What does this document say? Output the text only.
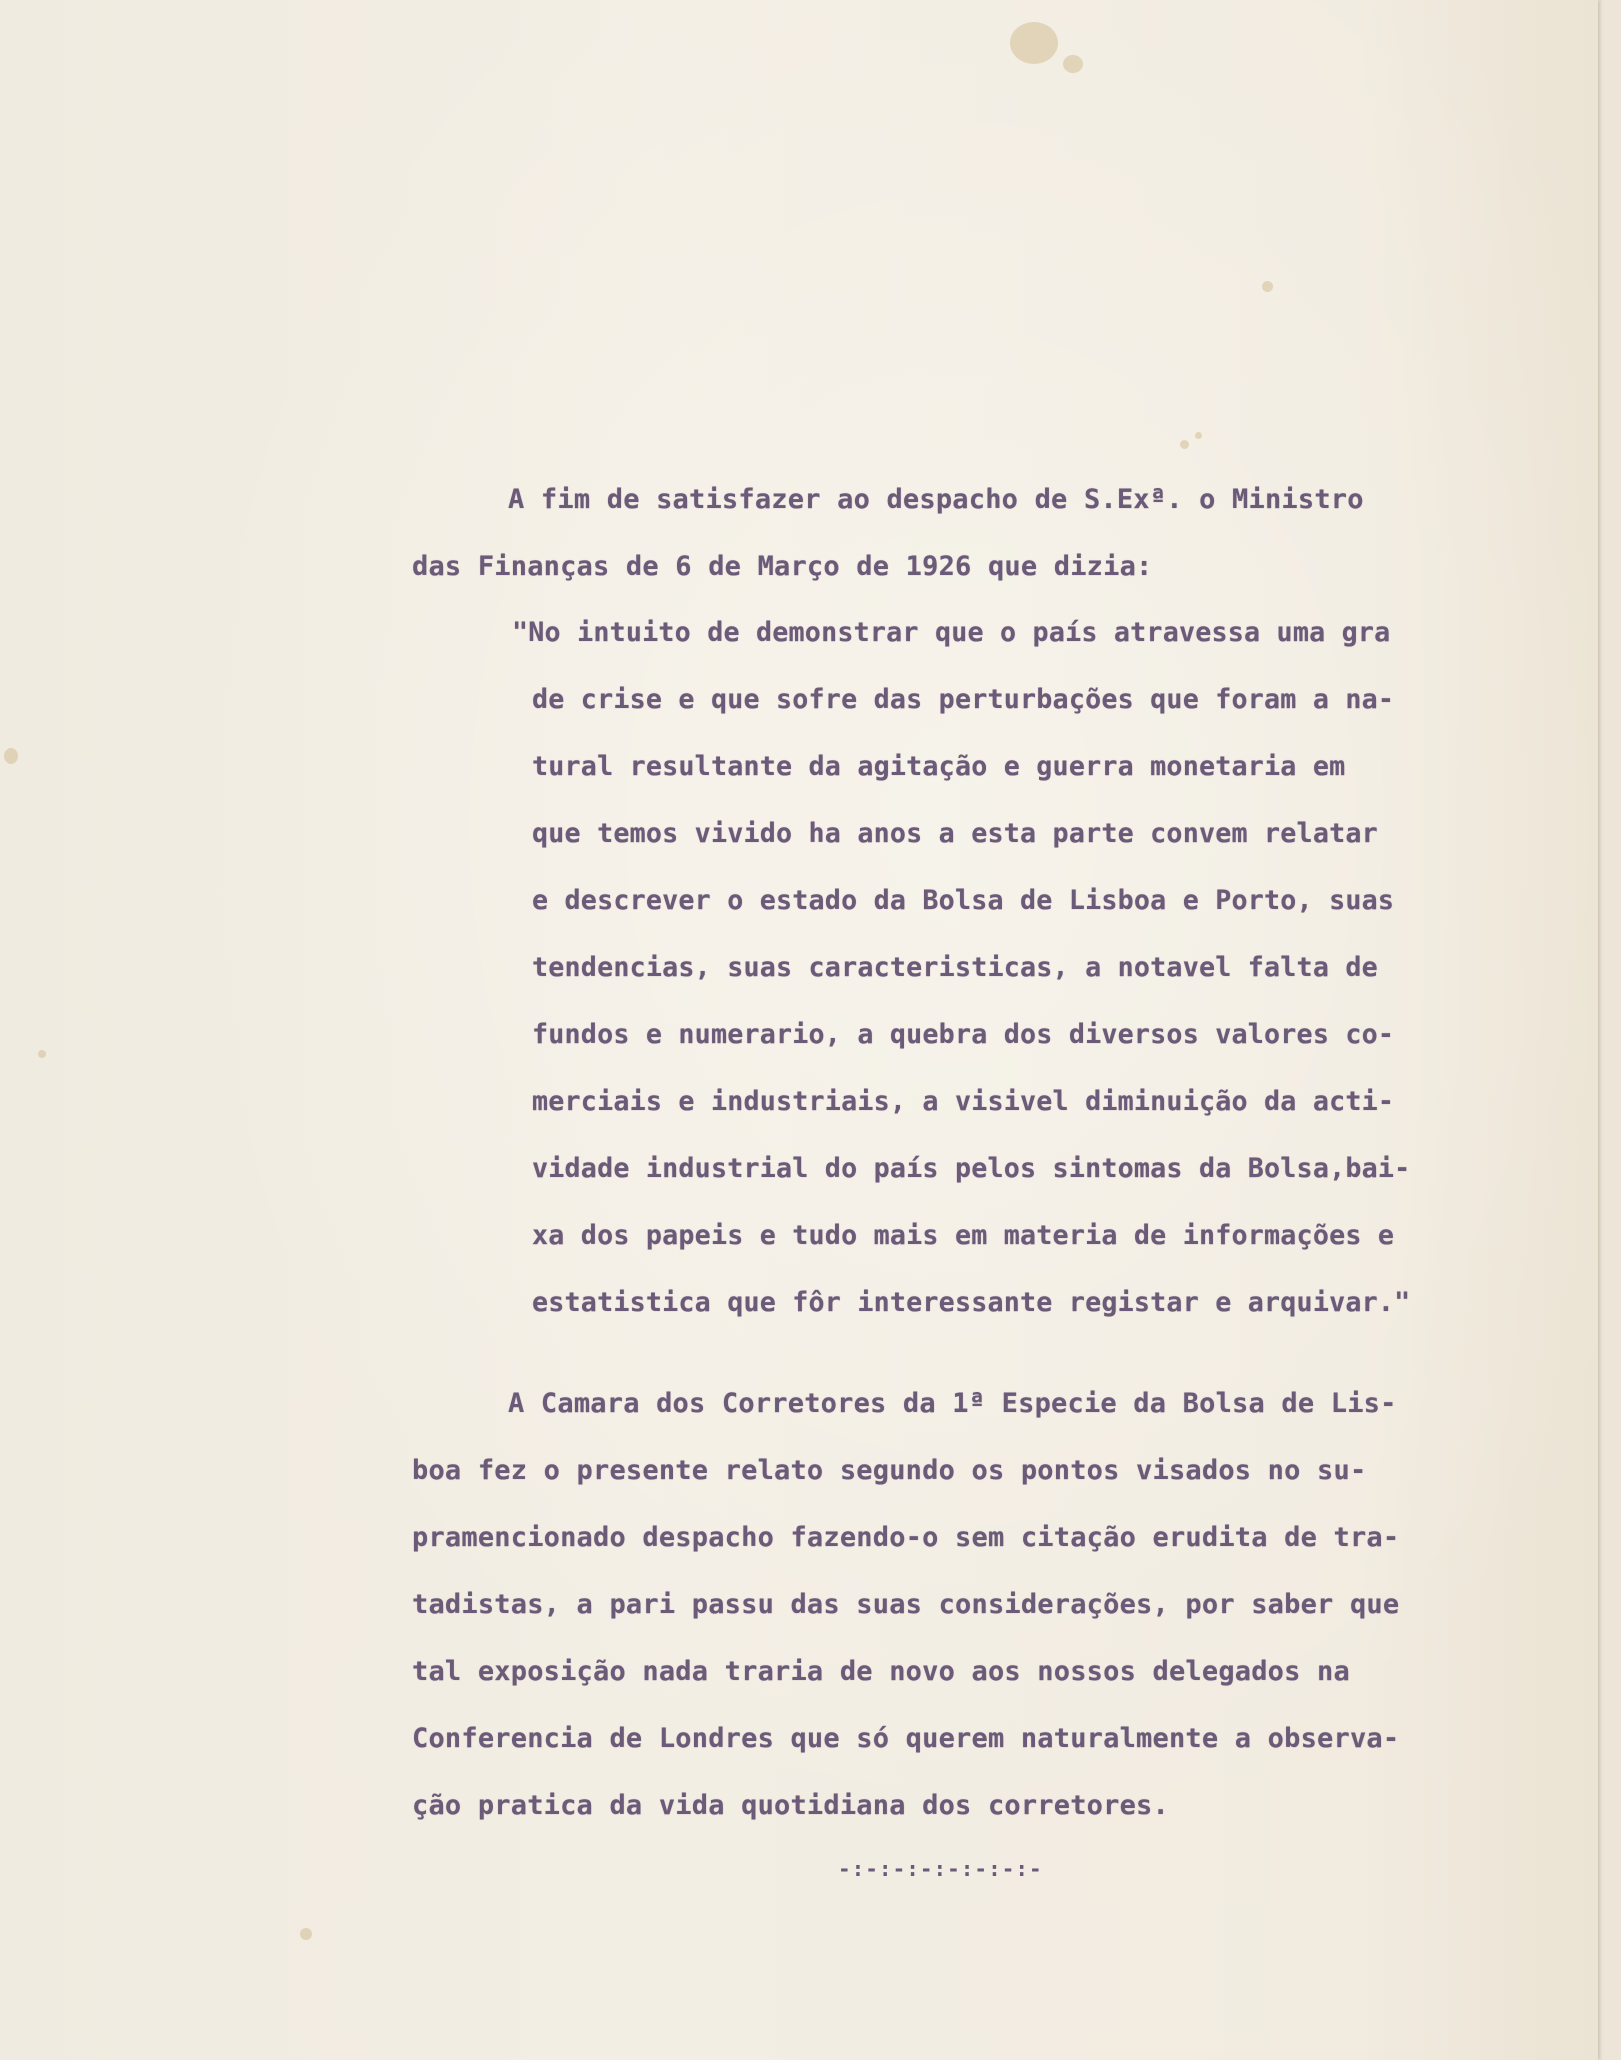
A fim de satisfazer ao despacho de S.Exª. o Ministro
das Finanças de 6 de Março de 1926 que dizia:
"No intuito de demonstrar que o país atravessa uma gra
de crise e que sofre das perturbações que foram a na-
tural resultante da agitação e guerra monetaria em
que temos vivido ha anos a esta parte convem relatar
e descrever o estado da Bolsa de Lisboa e Porto, suas
tendencias, suas caracteristicas, a notavel falta de
fundos e numerario, a quebra dos diversos valores co-
merciais e industriais, a visivel diminuição da acti-
vidade industrial do país pelos sintomas da Bolsa,bai-
xa dos papeis e tudo mais em materia de informações e
estatistica que fôr interessante registar e arquivar."
A Camara dos Corretores da 1ª Especie da Bolsa de Lis-
boa fez o presente relato segundo os pontos visados no su-
pramencionado despacho fazendo-o sem citação erudita de tra-
tadistas, a pari passu das suas considerações, por saber que
tal exposição nada traria de novo aos nossos delegados na
Conferencia de Londres que só querem naturalmente a observa-
ção pratica da vida quotidiana dos corretores.
-:-:-:-:-:-:-:-
